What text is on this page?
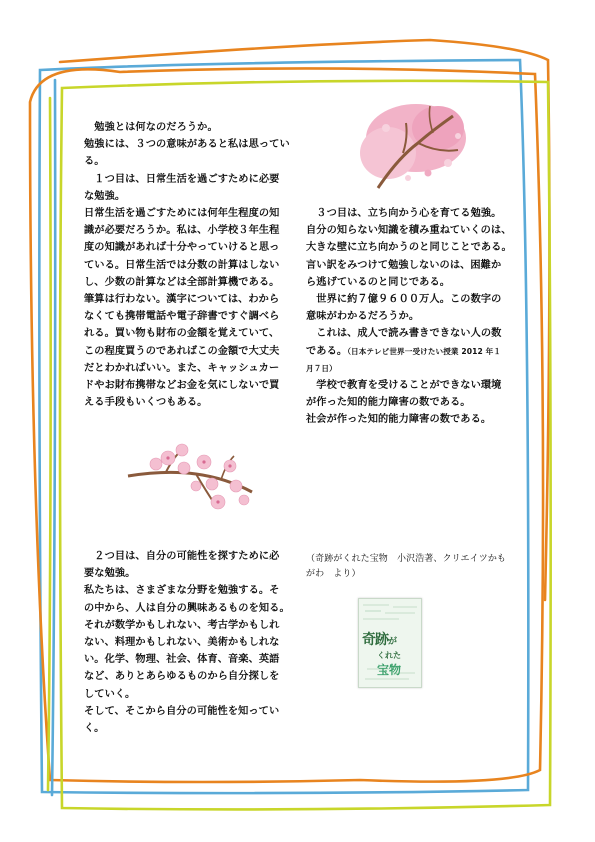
　勉強とは何なのだろうか。

勉強には、３つの意味があると私は思ってい

る。

　１つ目は、日常生活を過ごすために必要

な勉強。

日常生活を過ごすためには何年生程度の知

識が必要だろうか。私は、小学校３年生程

度の知識があれば十分やっていけると思っ

ている。日常生活では分数の計算はしない

し、少数の計算などは全部計算機である。

筆算は行わない。漢字については、わから

なくても携帯電話や電子辞書ですぐ調べら

れる。買い物も財布の金額を覚えていて、

この程度買うのであればこの金額で大丈夫

だとわかればいい。また、キャッシュカー

ドやお財布携帯などお金を気にしないで買

える手段もいくつもある。

　２つ目は、自分の可能性を探すために必

要な勉強。

私たちは、さまざまな分野を勉強する。そ

の中から、人は自分の興味あるものを知る。

それが数学かもしれない、考古学かもしれ

ない、料理かもしれない、美術かもしれな

い。化学、物理、社会、体育、音楽、英語

など、ありとあらゆるものから自分探しを

していく。

そして、そこから自分の可能性を知ってい

く。

　３つ目は、立ち向かう心を育てる勉強。

自分の知らない知識を積み重ねていくのは、

大きな壁に立ち向かうのと同じことである。

言い訳をみつけて勉強しないのは、困難か

ら逃げているのと同じである。

　世界に約７億９６００万人。この数字の

意味がわかるだろうか。

　これは、成人で読み書きできない人の数

である。（日本テレビ世界一受けたい授業 2012 年１

月７日）

　学校で教育を受けることができない環境

が作った知的能力障害の数である。

社会が作った知的能力障害の数である。

（奇跡がくれた宝物　小沢浩著、クリエイツかも

がわ　より）

奇跡が
くれた
宝物
